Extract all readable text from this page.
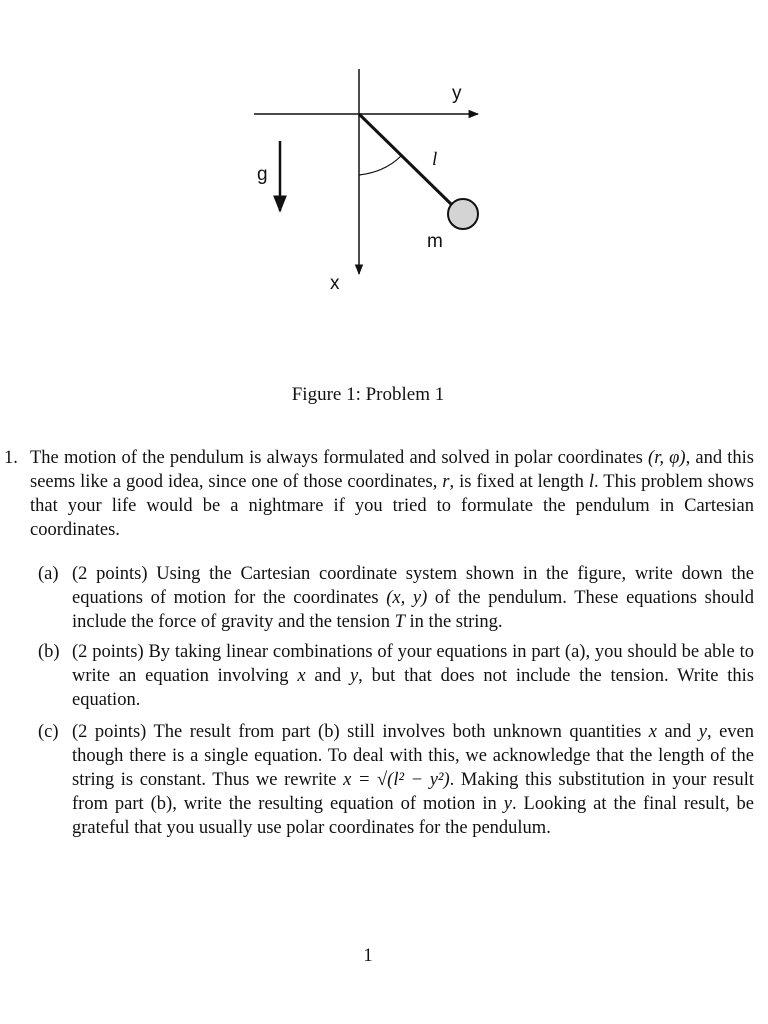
y
x
g
l
m
Figure 1: Problem 1
1. The motion of the pendulum is always formulated and solved in polar coordinates (r, φ), and this seems like a good idea, since one of those coordinates, r, is fixed at length l. This problem shows that your life would be a nightmare if you tried to formulate the pendulum in Cartesian coordinates.
(a) (2 points) Using the Cartesian coordinate system shown in the figure, write down the equations of motion for the coordinates (x, y) of the pendulum. These equations should include the force of gravity and the tension T in the string.
(b) (2 points) By taking linear combinations of your equations in part (a), you should be able to write an equation involving x and y, but that does not include the tension. Write this equation.
(c) (2 points) The result from part (b) still involves both unknown quantities x and y, even though there is a single equation. To deal with this, we acknowledge that the length of the string is constant. Thus we rewrite x = √(l² − y²). Making this substitution in your result from part (b), write the resulting equation of motion in y. Looking at the final result, be grateful that you usually use polar coordinates for the pendulum.
1
